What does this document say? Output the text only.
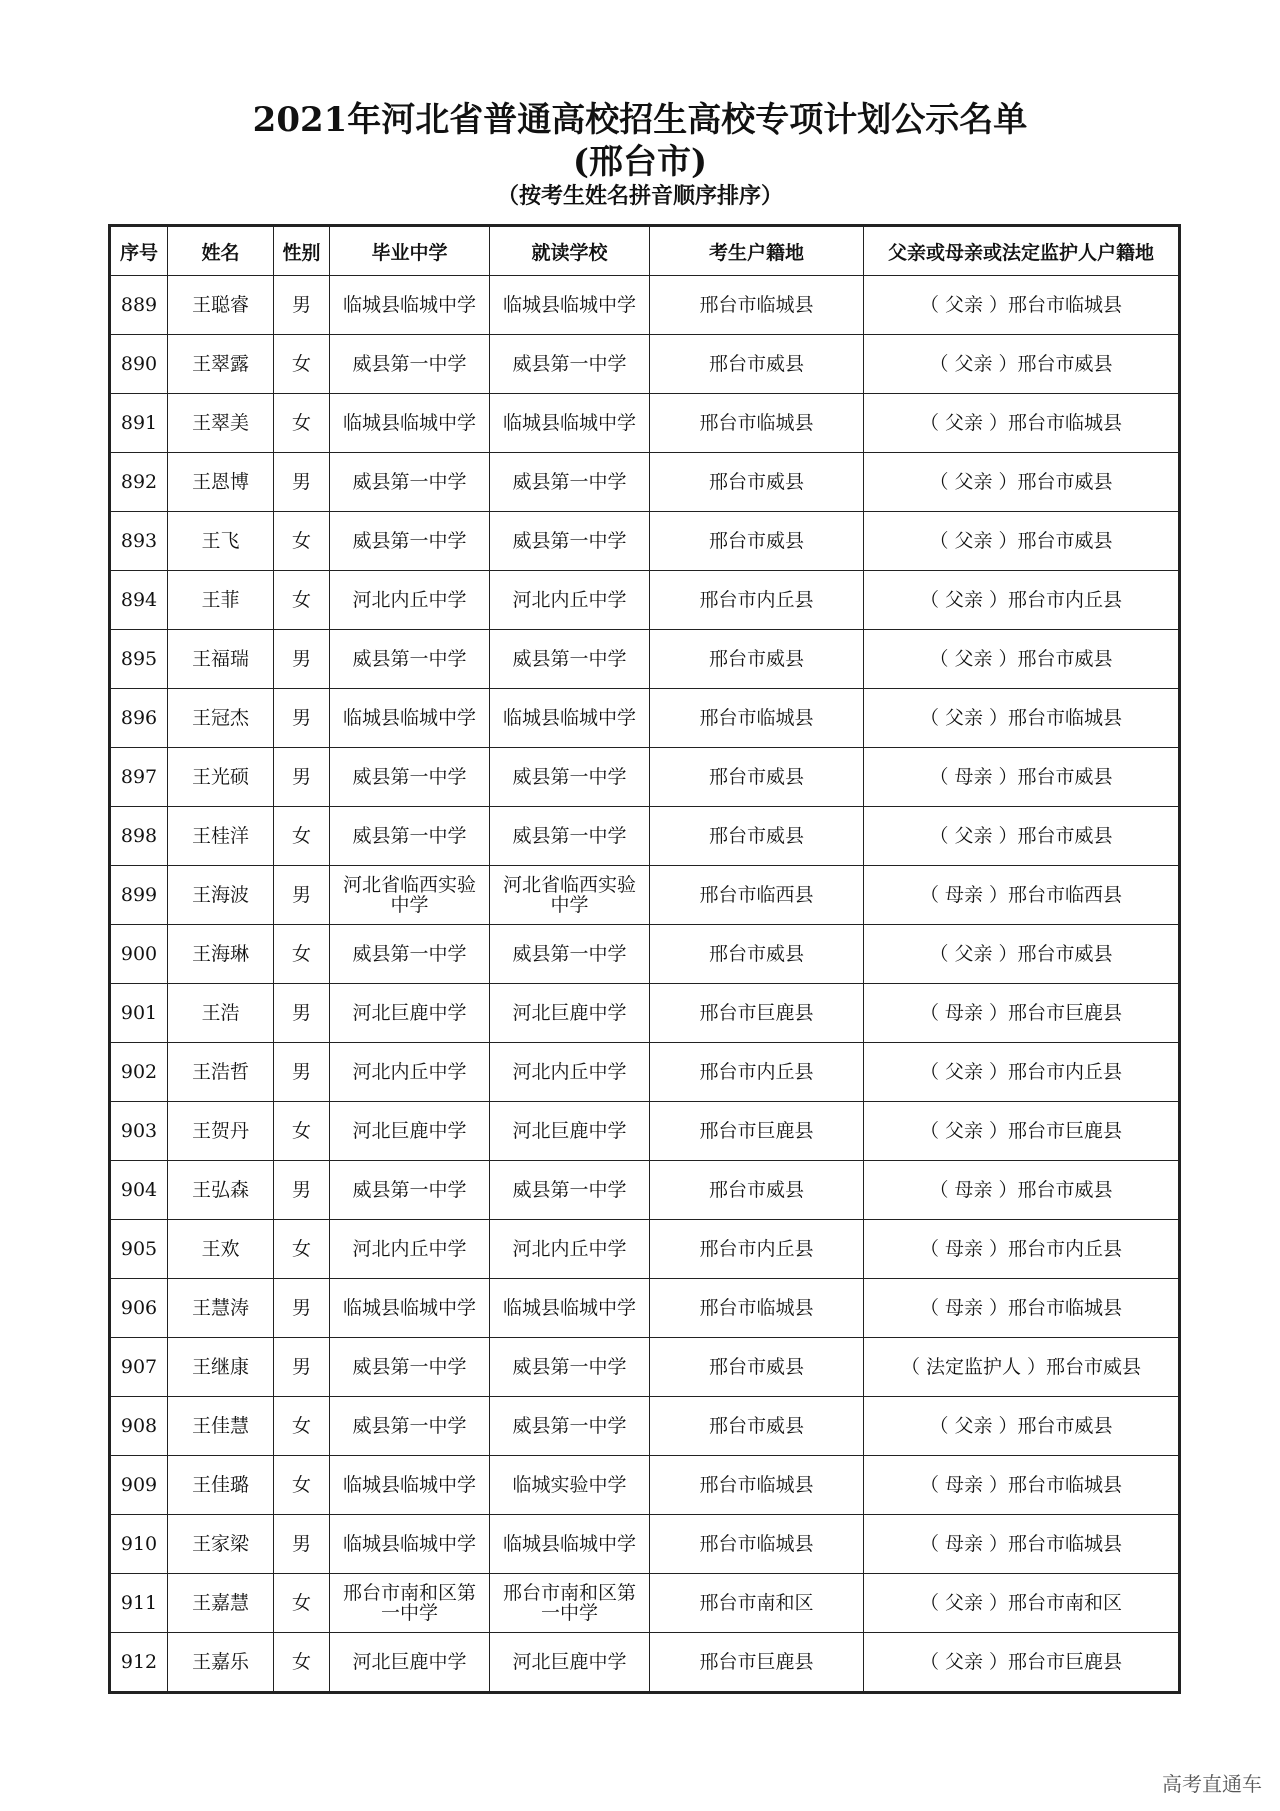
2021年河北省普通高校招生高校专项计划公示名单
(邢台市)
（按考生姓名拼音顺序排序）
序号	姓名	性别	毕业中学	就读学校	考生户籍地	父亲或母亲或法定监护人户籍地
889	王聪睿	男	临城县临城中学	临城县临城中学	邢台市临城县	（ 父亲 ）邢台市临城县
890	王翠露	女	威县第一中学	威县第一中学	邢台市威县	（ 父亲 ）邢台市威县
891	王翠美	女	临城县临城中学	临城县临城中学	邢台市临城县	（ 父亲 ）邢台市临城县
892	王恩博	男	威县第一中学	威县第一中学	邢台市威县	（ 父亲 ）邢台市威县
893	王飞	女	威县第一中学	威县第一中学	邢台市威县	（ 父亲 ）邢台市威县
894	王菲	女	河北内丘中学	河北内丘中学	邢台市内丘县	（ 父亲 ）邢台市内丘县
895	王福瑞	男	威县第一中学	威县第一中学	邢台市威县	（ 父亲 ）邢台市威县
896	王冠杰	男	临城县临城中学	临城县临城中学	邢台市临城县	（ 父亲 ）邢台市临城县
897	王光硕	男	威县第一中学	威县第一中学	邢台市威县	（ 母亲 ）邢台市威县
898	王桂洋	女	威县第一中学	威县第一中学	邢台市威县	（ 父亲 ）邢台市威县
899	王海波	男	河北省临西实验中学	河北省临西实验中学	邢台市临西县	（ 母亲 ）邢台市临西县
900	王海琳	女	威县第一中学	威县第一中学	邢台市威县	（ 父亲 ）邢台市威县
901	王浩	男	河北巨鹿中学	河北巨鹿中学	邢台市巨鹿县	（ 母亲 ）邢台市巨鹿县
902	王浩哲	男	河北内丘中学	河北内丘中学	邢台市内丘县	（ 父亲 ）邢台市内丘县
903	王贺丹	女	河北巨鹿中学	河北巨鹿中学	邢台市巨鹿县	（ 父亲 ）邢台市巨鹿县
904	王弘森	男	威县第一中学	威县第一中学	邢台市威县	（ 母亲 ）邢台市威县
905	王欢	女	河北内丘中学	河北内丘中学	邢台市内丘县	（ 母亲 ）邢台市内丘县
906	王慧涛	男	临城县临城中学	临城县临城中学	邢台市临城县	（ 母亲 ）邢台市临城县
907	王继康	男	威县第一中学	威县第一中学	邢台市威县	（ 法定监护人 ）邢台市威县
908	王佳慧	女	威县第一中学	威县第一中学	邢台市威县	（ 父亲 ）邢台市威县
909	王佳璐	女	临城县临城中学	临城实验中学	邢台市临城县	（ 母亲 ）邢台市临城县
910	王家梁	男	临城县临城中学	临城县临城中学	邢台市临城县	（ 母亲 ）邢台市临城县
911	王嘉慧	女	邢台市南和区第一中学	邢台市南和区第一中学	邢台市南和区	（ 父亲 ）邢台市南和区
912	王嘉乐	女	河北巨鹿中学	河北巨鹿中学	邢台市巨鹿县	（ 父亲 ）邢台市巨鹿县
高考直通车
